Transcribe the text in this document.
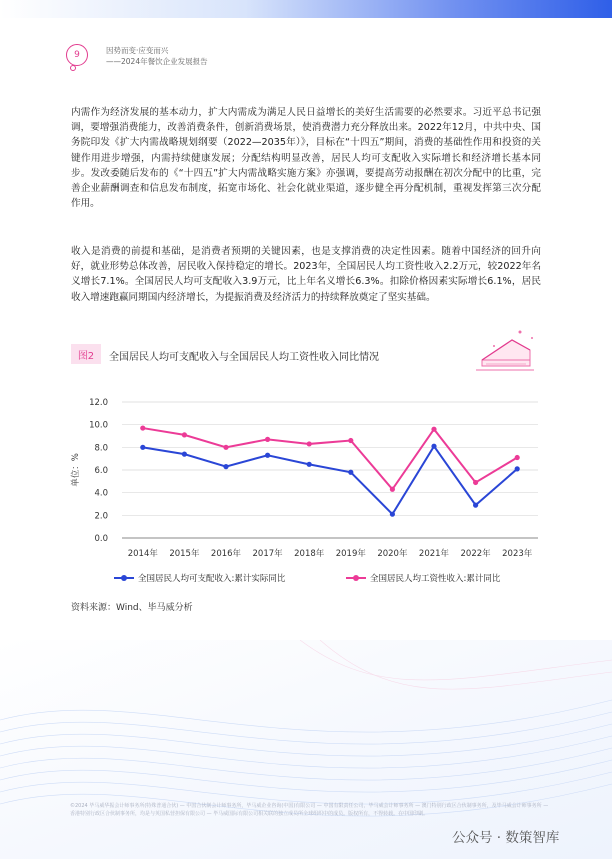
9	因势而变·应变而兴
——2024年餐饮企业发展报告

内需作为经济发展的基本动力，扩大内需成为满足人民日益增长的美好生活需要的必然要求。习近平总书记强调，要增强消费能力，改善消费条件，创新消费场景，使消费潜力充分释放出来。2022年12月，中共中央、国务院印发《扩大内需战略规划纲要（2022—2035年）》，目标在“十四五”期间，消费的基础性作用和投资的关键作用进步增强，内需持续健康发展；分配结构明显改善，居民人均可支配收入实际增长和经济增长基本同步。发改委随后发布的《“十四五”扩大内需战略实施方案》亦强调，要提高劳动报酬在初次分配中的比重，完善企业薪酬调查和信息发布制度，拓宽市场化、社会化就业渠道，逐步健全再分配机制，重视发挥第三次分配作用。

收入是消费的前提和基础，是消费者预期的关键因素，也是支撑消费的决定性因素。随着中国经济的回升向好，就业形势总体改善，居民收入保持稳定的增长。2023年，全国居民人均工资性收入2.2万元，较2022年名义增长7.1%。全国居民人均可支配收入3.9万元，比上年名义增长6.3%。扣除价格因素实际增长6.1%，居民收入增速跑赢同期国内经济增长，为提振消费及经济活力的持续释放奠定了坚实基础。

图2	全国居民人均可支配收入与全国居民人均工资性收入同比情况
0.0
2.0
4.0
6.0
8.0
10.0
12.0
2014年 2015年 2016年 2017年 2018年 2019年 2020年 2021年 2022年 2023年
单位：%
全国居民人均可支配收入:累计实际同比	全国居民人均工资性收入:累计同比
资料来源：Wind、毕马威分析
©2024 毕马威华振会计师事务所(特殊普通合伙) — 中国合伙制会计师事务所，毕马威企业咨询(中国)有限公司 — 中国有限责任公司，毕马威会计师事务所 — 澳门特别行政区合伙制事务所，及毕马威会计师事务所 — 香港特别行政区合伙制事务所，均是与英国私营担保有限公司 — 毕马威国际有限公司相关联的独立成员所全球组织中的成员。版权所有，不得转载。在中国印刷。
公众号 · 数策智库
